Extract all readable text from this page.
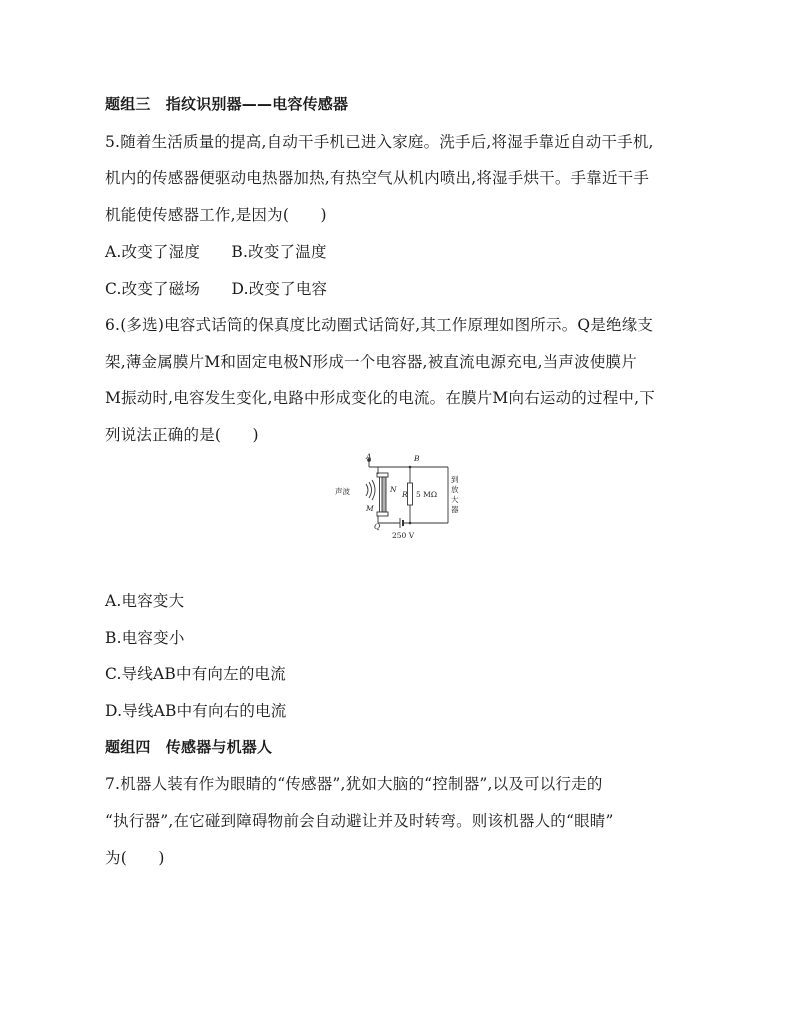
题组三　指纹识别器——电容传感器
5.随着生活质量的提高,自动干手机已进入家庭。洗手后,将湿手靠近自动干手机,
机内的传感器便驱动电热器加热,有热空气从机内喷出,将湿手烘干。手靠近干手
机能使传感器工作,是因为(　　)
A.改变了湿度　　B.改变了温度
C.改变了磁场　　D.改变了电容
6.(多选)电容式话筒的保真度比动圈式话筒好,其工作原理如图所示。Q是绝缘支
架,薄金属膜片M和固定电极N形成一个电容器,被直流电源充电,当声波使膜片
M振动时,电容发生变化,电路中形成变化的电流。在膜片M向右运动的过程中,下
列说法正确的是(　　)
A	B
N
M
Q
R 5 MΩ
250 V
声波
到
放
大
器
A.电容变大
B.电容变小
C.导线AB中有向左的电流
D.导线AB中有向右的电流
题组四　传感器与机器人
7.机器人装有作为眼睛的“传感器”,犹如大脑的“控制器”,以及可以行走的
“执行器”,在它碰到障碍物前会自动避让并及时转弯。则该机器人的“眼睛”
为(　　)
